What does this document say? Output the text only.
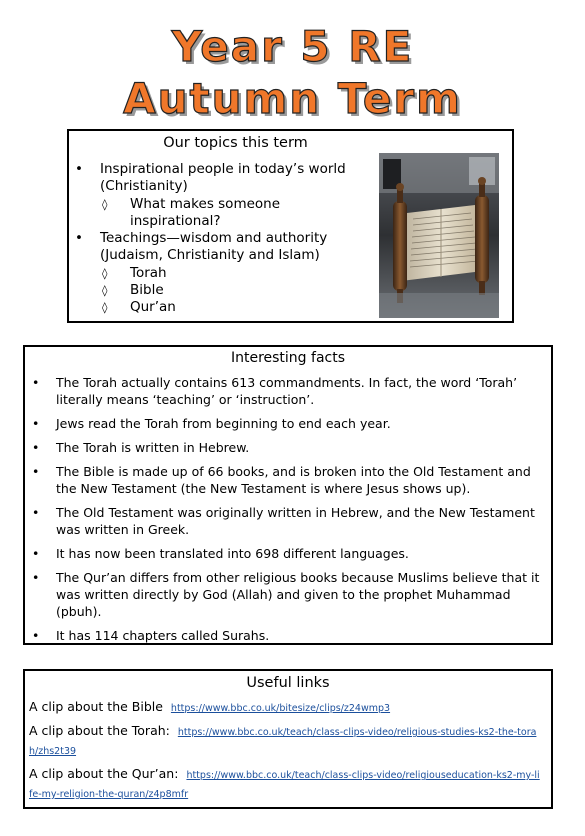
Year 5 RE
Autumn Term
Our topics this term
• Inspirational people in today’s world (Christianity)
◊ What makes someoneinspirational?
• Teachings—wisdom and authority (Judaism, Christianity and Islam)
◊ Torah
◊ Bible
◊ Qur’an
Interesting facts
• The Torah actually contains 613 commandments. In fact, the word ‘Torah’ literally means ‘teaching’ or ‘instruction’.
• Jews read the Torah from beginning to end each year.
• The Torah is written in Hebrew.
• The Bible is made up of 66 books, and is broken into the Old Testament and the New Testament (the New Testament is where Jesus shows up).
• The Old Testament was originally written in Hebrew, and the New Testament was written in Greek.
• It has now been translated into 698 different languages.
• The Qur’an differs from other religious books because Muslims believe that it was written directly by God (Allah) and given to the prophet Muhammad (pbuh).
• It has 114 chapters called Surahs.
Useful links
A clip about the Bible https://www.bbc.co.uk/bitesize/clips/z24wmp3
A clip about the Torah: https://www.bbc.co.uk/teach/class-clips-video/religious-studies-ks2-the-torah/zhs2t39
A clip about the Qur’an: https://www.bbc.co.uk/teach/class-clips-video/religiouseducation-ks2-my-life-my-religion-the-quran/z4p8mfr
